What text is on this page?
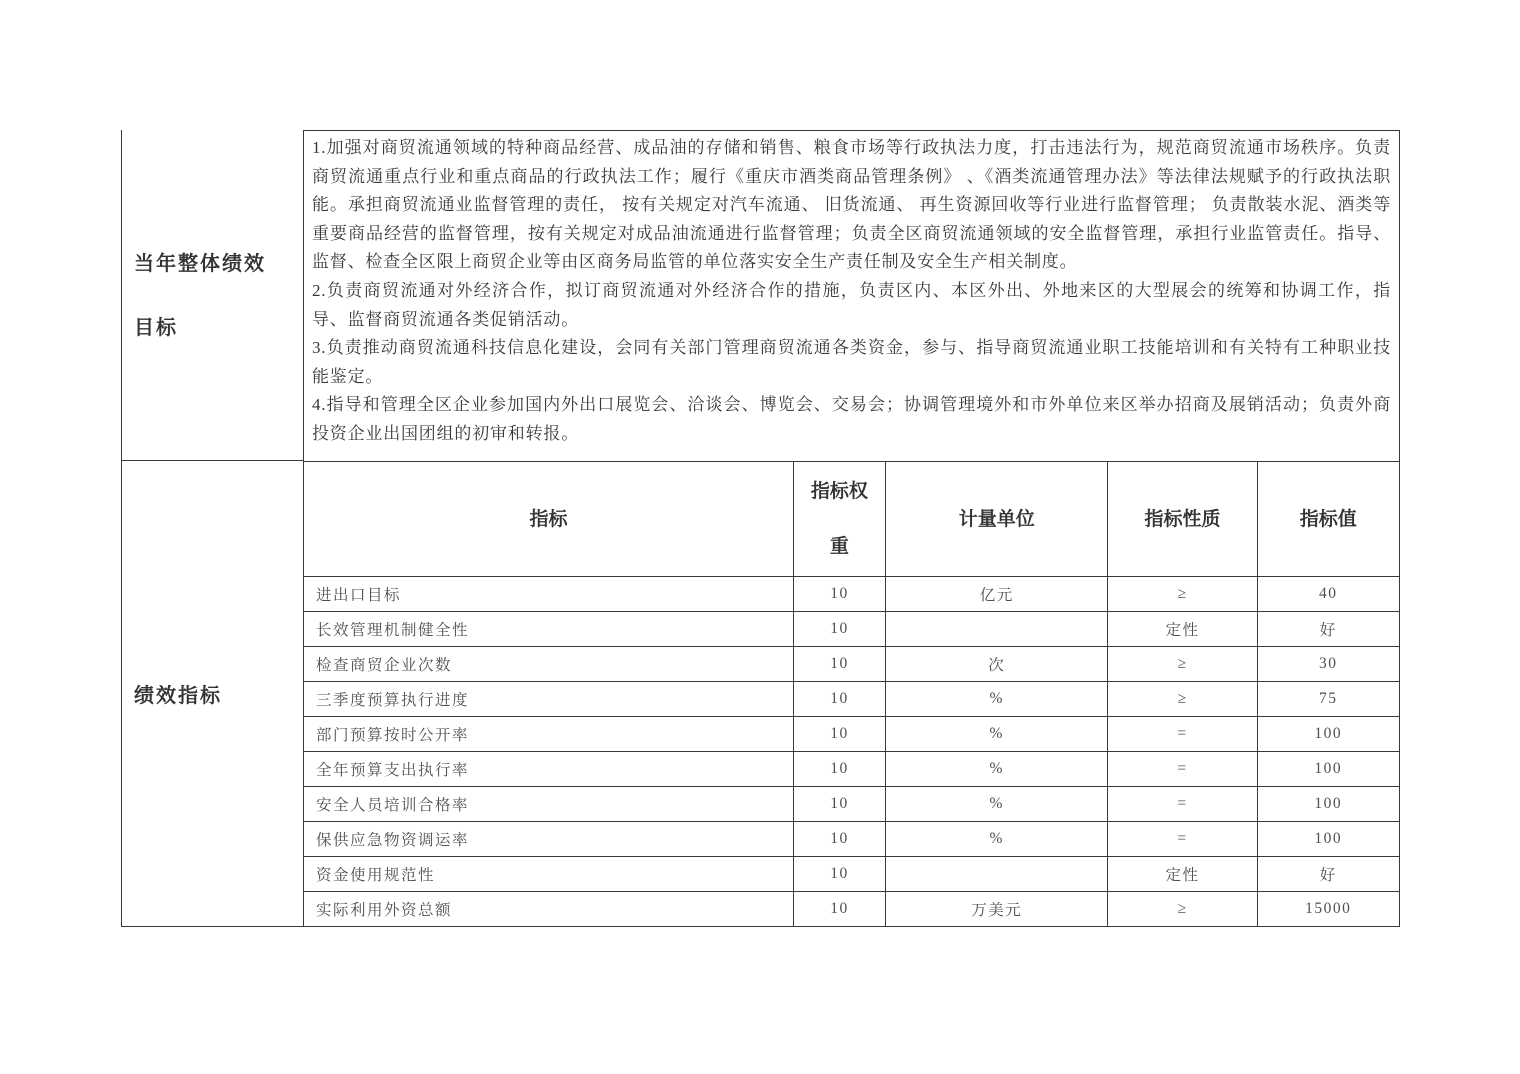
当年整体绩效目标

1.加强对商贸流通领域的特种商品经营、成品油的存储和销售、粮食市场等行政执法力度，打击违法行为，规范商贸流通市场秩序。负责商贸流通重点行业和重点商品的行政执法工作；履行《重庆市酒类商品管理条例》 、《酒类流通管理办法》等法律法规赋予的行政执法职能。承担商贸流通业监督管理的责任， 按有关规定对汽车流通、 旧货流通、 再生资源回收等行业进行监督管理； 负责散装水泥、酒类等重要商品经营的监督管理，按有关规定对成品油流通进行监督管理；负责全区商贸流通领域的安全监督管理，承担行业监管责任。指导、监督、检查全区限上商贸企业等由区商务局监管的单位落实安全生产责任制及安全生产相关制度。

2.负责商贸流通对外经济合作，拟订商贸流通对外经济合作的措施，负责区内、本区外出、外地来区的大型展会的统筹和协调工作，指导、监督商贸流通各类促销活动。

3.负责推动商贸流通科技信息化建设，会同有关部门管理商贸流通各类资金，参与、指导商贸流通业职工技能培训和有关特有工种职业技能鉴定。

4.指导和管理全区企业参加国内外出口展览会、洽谈会、博览会、交易会；协调管理境外和市外单位来区举办招商及展销活动；负责外商投资企业出国团组的初审和转报。

绩效指标
指标	指标权重	计量单位	指标性质	指标值
进出口目标	10	亿元	≥	40
长效管理机制健全性	10		定性	好
检查商贸企业次数	10	次	≥	30
三季度预算执行进度	10	%	≥	75
部门预算按时公开率	10	%	=	100
全年预算支出执行率	10	%	=	100
安全人员培训合格率	10	%	=	100
保供应急物资调运率	10	%	=	100
资金使用规范性	10		定性	好
实际利用外资总额	10	万美元	≥	15000
